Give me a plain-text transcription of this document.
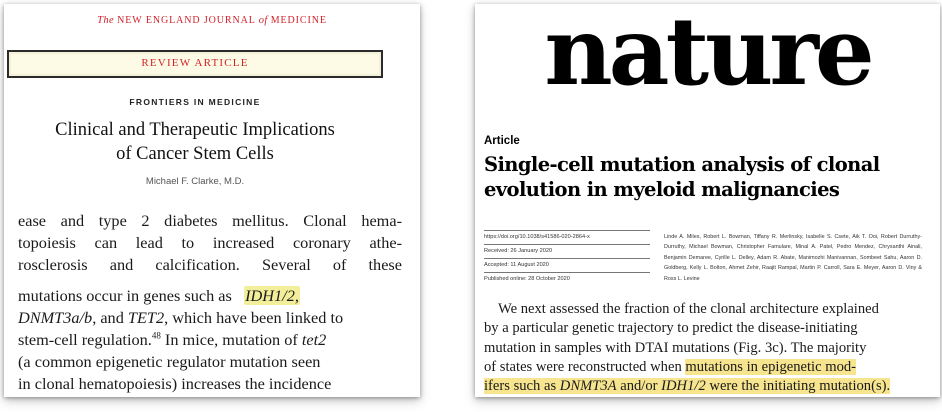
The NEW ENGLAND JOURNAL of MEDICINE
REVIEW ARTICLE
FRONTIERS IN MEDICINE
Clinical and Therapeutic Implications
of Cancer Stem Cells
Michael F. Clarke, M.D.
ease and type 2 diabetes mellitus. Clonal hema-
topoiesis can lead to increased coronary athe-
rosclerosis and calcification. Several of these
mutations occur in genes such as IDH1/2,
DNMT3a/b, and TET2, which have been linked to
stem-cell regulation.$^{48}$ In mice, mutation of tet2
(a common epigenetic regulator mutation seen
in clonal hematopoiesis) increases the incidence
nature
Article
Single-cell mutation analysis of clonal
evolution in myeloid malignancies
https://doi.org/10.1038/s41586-020-2864-x
Received: 26 January 2020
Accepted: 11 August 2020
Published online: 28 October 2020
Linde A. Miles, Robert L. Bowman, Tiffany R. Merlinsky, Isabelle S. Csete, Aik T. Ooi, Robert Durruthy-Durruthy, Michael Bowman, Christopher Famulare, Minal A. Patel, Pedro Mendez, Chrysanthi Ainali, Benjamin Demaree, Cyrille L. Delley, Adam R. Abate, Manimozhi Manivannan, Sombeet Sahu, Aaron D. Goldberg, Kelly L. Bolton, Ahmet Zehir, Raajit Rampal, Martin P. Carroll, Sara E. Meyer, Aaron D. Viny & Ross L. Levine
We next assessed the fraction of the clonal architecture explained
by a particular genetic trajectory to predict the disease-initiating
mutation in samples with DTAI mutations (Fig. 3c). The majority
of states were reconstructed when mutations in epigenetic mod-
ifers such as DNMT3A and/or IDH1/2 were the initiating mutation(s).
